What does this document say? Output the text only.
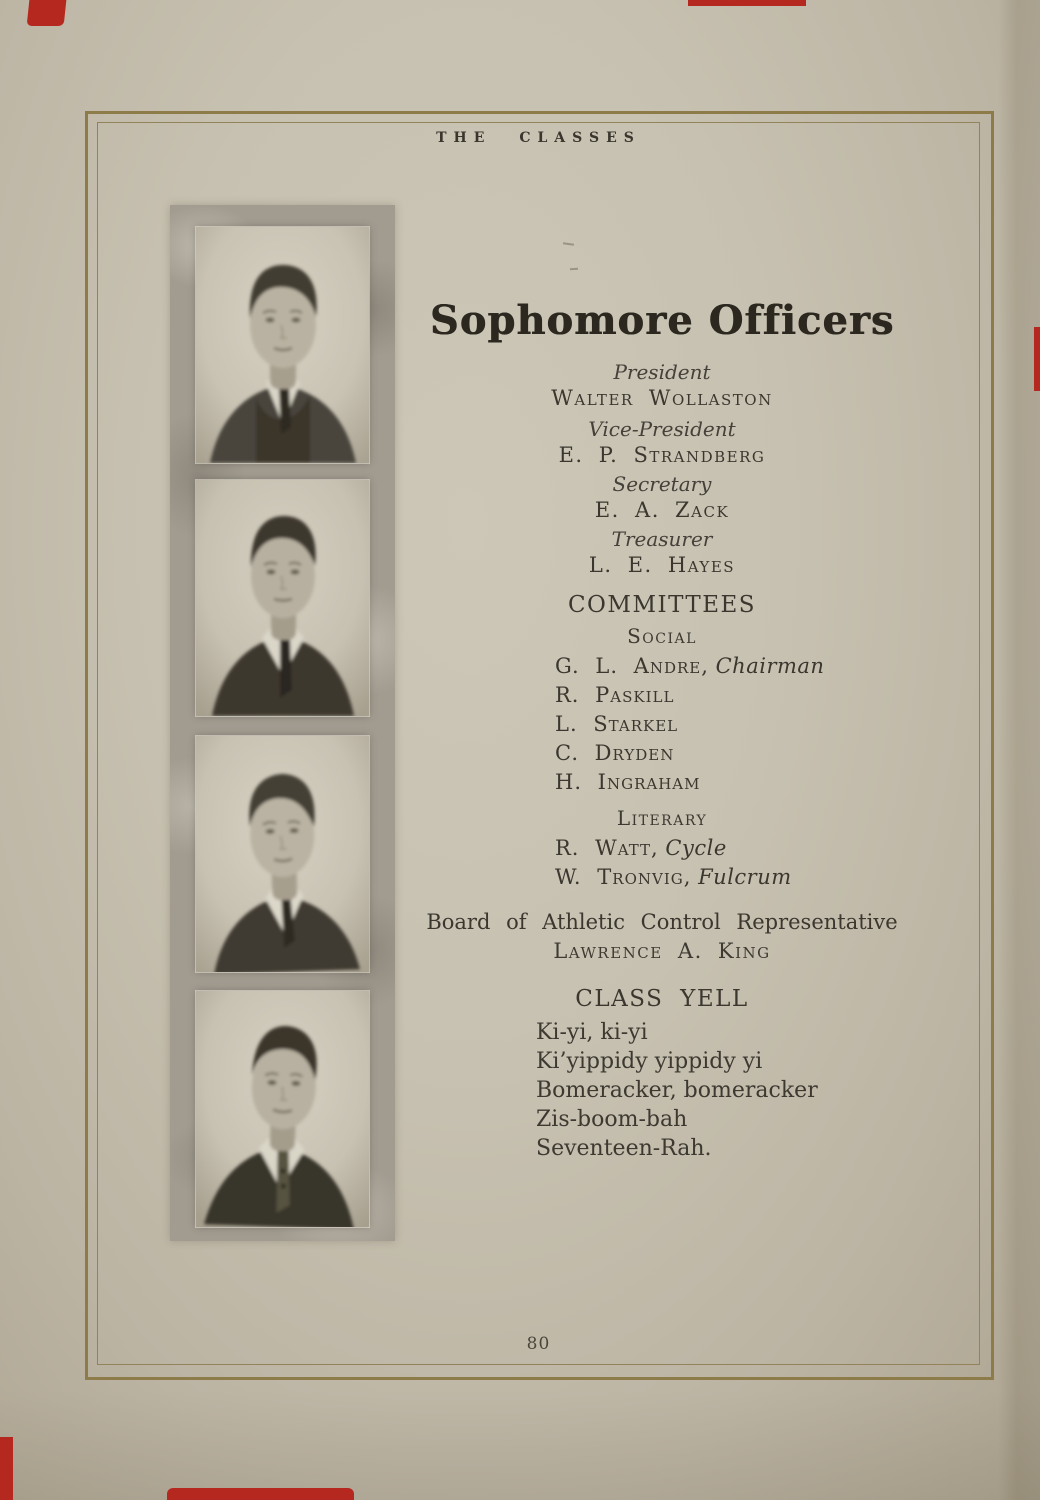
THE CLASSES
Sophomore Officers
President
Walter Wollaston
Vice-President
E. P. Strandberg
Secretary
E. A. Zack
Treasurer
L. E. Hayes
COMMITTEES
Social
G. L. Andre, Chairman
R. Paskill
L. Starkel
C. Dryden
H. Ingraham
Literary
R. Watt, Cycle
W. Tronvig, Fulcrum
Board of Athletic Control Representative
Lawrence A. King
CLASS YELL
Ki-yi, ki-yi
Ki’yippidy yippidy yi
Bomeracker, bomeracker
Zis-boom-bah
Seventeen-Rah.
80
